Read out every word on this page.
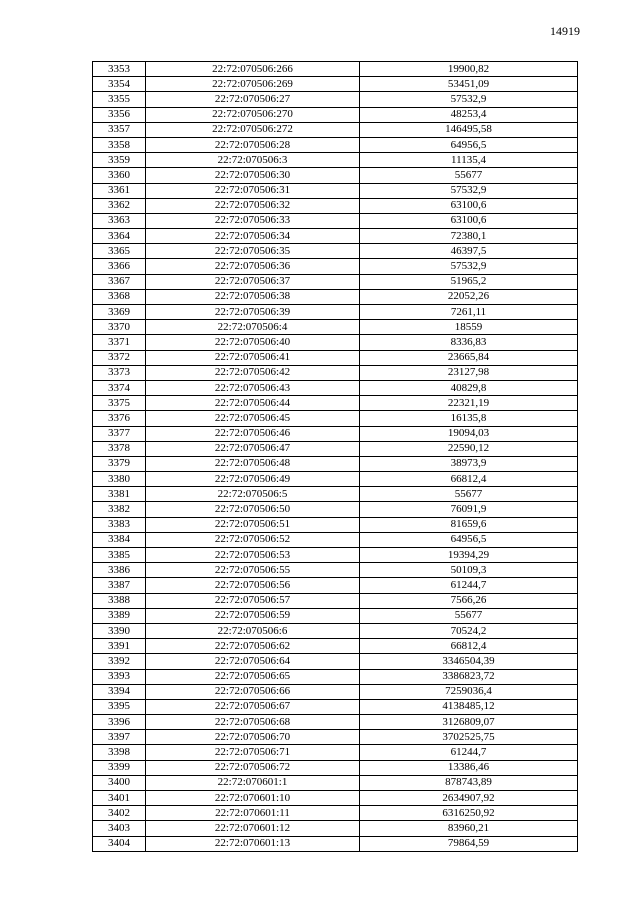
14919
3353	22:72:070506:266	19900,82
3354	22:72:070506:269	53451,09
3355	22:72:070506:27	57532,9
3356	22:72:070506:270	48253,4
3357	22:72:070506:272	146495,58
3358	22:72:070506:28	64956,5
3359	22:72:070506:3	11135,4
3360	22:72:070506:30	55677
3361	22:72:070506:31	57532,9
3362	22:72:070506:32	63100,6
3363	22:72:070506:33	63100,6
3364	22:72:070506:34	72380,1
3365	22:72:070506:35	46397,5
3366	22:72:070506:36	57532,9
3367	22:72:070506:37	51965,2
3368	22:72:070506:38	22052,26
3369	22:72:070506:39	7261,11
3370	22:72:070506:4	18559
3371	22:72:070506:40	8336,83
3372	22:72:070506:41	23665,84
3373	22:72:070506:42	23127,98
3374	22:72:070506:43	40829,8
3375	22:72:070506:44	22321,19
3376	22:72:070506:45	16135,8
3377	22:72:070506:46	19094,03
3378	22:72:070506:47	22590,12
3379	22:72:070506:48	38973,9
3380	22:72:070506:49	66812,4
3381	22:72:070506:5	55677
3382	22:72:070506:50	76091,9
3383	22:72:070506:51	81659,6
3384	22:72:070506:52	64956,5
3385	22:72:070506:53	19394,29
3386	22:72:070506:55	50109,3
3387	22:72:070506:56	61244,7
3388	22:72:070506:57	7566,26
3389	22:72:070506:59	55677
3390	22:72:070506:6	70524,2
3391	22:72:070506:62	66812,4
3392	22:72:070506:64	3346504,39
3393	22:72:070506:65	3386823,72
3394	22:72:070506:66	7259036,4
3395	22:72:070506:67	4138485,12
3396	22:72:070506:68	3126809,07
3397	22:72:070506:70	3702525,75
3398	22:72:070506:71	61244,7
3399	22:72:070506:72	13386,46
3400	22:72:070601:1	878743,89
3401	22:72:070601:10	2634907,92
3402	22:72:070601:11	6316250,92
3403	22:72:070601:12	83960,21
3404	22:72:070601:13	79864,59
